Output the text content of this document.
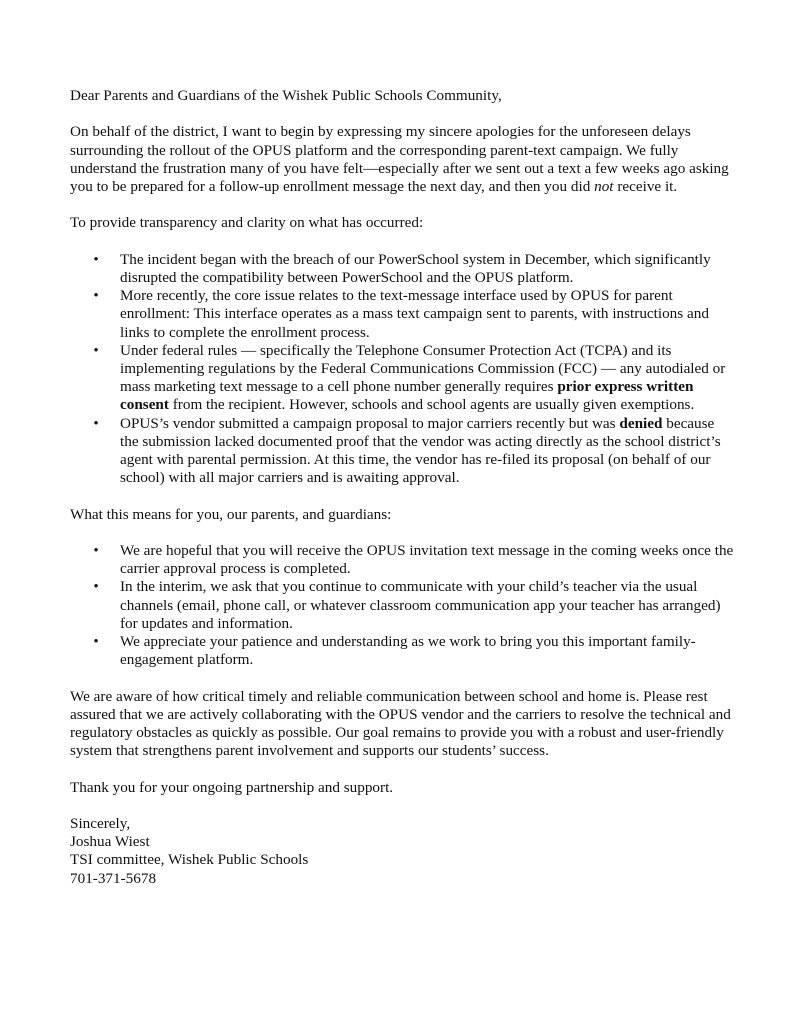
Dear Parents and Guardians of the Wishek Public Schools Community,

On behalf of the district, I want to begin by expressing my sincere apologies for the unforeseen delays surrounding the rollout of the OPUS platform and the corresponding parent-text campaign. We fully understand the frustration many of you have felt—especially after we sent out a text a few weeks ago asking you to be prepared for a follow-up enrollment message the next day, and then you did not receive it.

To provide transparency and clarity on what has occurred:

• The incident began with the breach of our PowerSchool system in December, which significantly disrupted the compatibility between PowerSchool and the OPUS platform.
• More recently, the core issue relates to the text-message interface used by OPUS for parent enrollment: This interface operates as a mass text campaign sent to parents, with instructions and links to complete the enrollment process.
• Under federal rules — specifically the Telephone Consumer Protection Act (TCPA) and its implementing regulations by the Federal Communications Commission (FCC) — any autodialed or mass marketing text message to a cell phone number generally requires prior express written consent from the recipient. However, schools and school agents are usually given exemptions.
• OPUS’s vendor submitted a campaign proposal to major carriers recently but was denied because the submission lacked documented proof that the vendor was acting directly as the school district’s agent with parental permission. At this time, the vendor has re-filed its proposal (on behalf of our school) with all major carriers and is awaiting approval.

What this means for you, our parents, and guardians:

• We are hopeful that you will receive the OPUS invitation text message in the coming weeks once the carrier approval process is completed.
• In the interim, we ask that you continue to communicate with your child’s teacher via the usual channels (email, phone call, or whatever classroom communication app your teacher has arranged) for updates and information.
• We appreciate your patience and understanding as we work to bring you this important family-engagement platform.

We are aware of how critical timely and reliable communication between school and home is. Please rest assured that we are actively collaborating with the OPUS vendor and the carriers to resolve the technical and regulatory obstacles as quickly as possible. Our goal remains to provide you with a robust and user-friendly system that strengthens parent involvement and supports our students’ success.

Thank you for your ongoing partnership and support.

Sincerely,

Joshua Wiest

TSI committee, Wishek Public Schools

701-371-5678
